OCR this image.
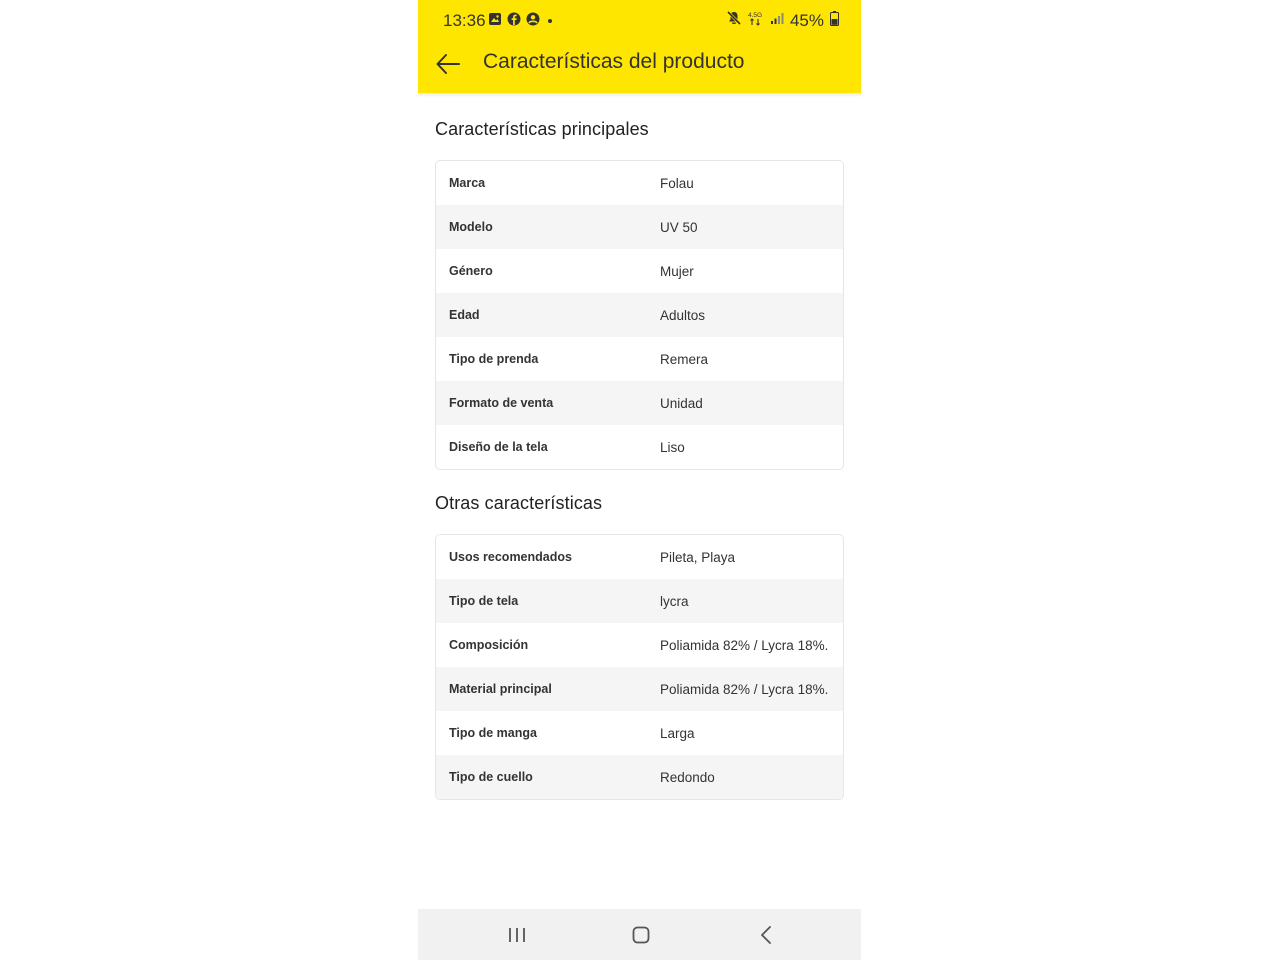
13:36	4.5G 45%
Características del producto
Características principales
Marca	Folau
Modelo	UV 50
Género	Mujer
Edad	Adultos
Tipo de prenda	Remera
Formato de venta	Unidad
Diseño de la tela	Liso
Otras características
Usos recomendados	Pileta, Playa
Tipo de tela	lycra
Composición	Poliamida 82% / Lycra 18%.
Material principal	Poliamida 82% / Lycra 18%.
Tipo de manga	Larga
Tipo de cuello	Redondo
